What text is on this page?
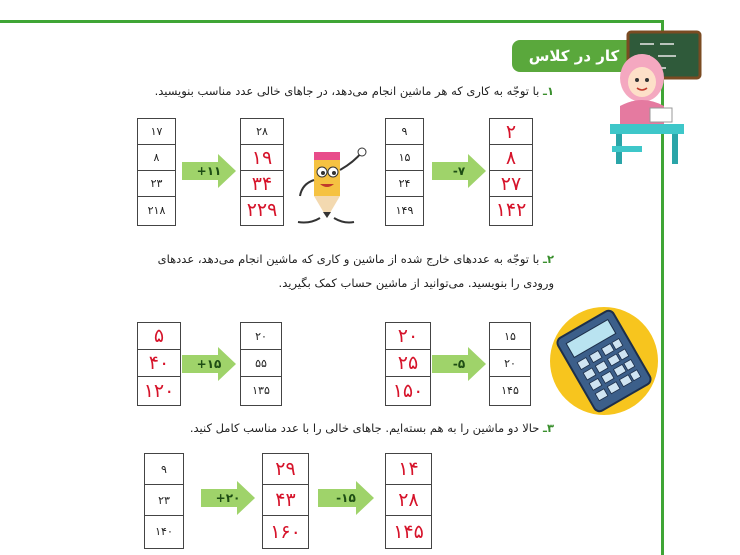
کار در کلاس
۱ـ با توجّه به کاری که هر ماشین انجام می‌دهد، در جاهای خالی عدد مناسب بنویسید.
۱۷
۸
۲۳
۲۱۸
+۱۱
۲۸
۱۹
۳۴
۲۲۹
۹
۱۵
۲۴
۱۴۹
-۷
۲
۸
۲۷
۱۴۲
۲ـ با توجّه به عددهای خارج شده از ماشین و کاری که ماشین انجام می‌دهد، عددهای
ورودی را بنویسید. می‌توانید از ماشین حساب کمک بگیرید.
۵
۴۰
۱۲۰
+۱۵
۲۰
۵۵
۱۳۵
۲۰
۲۵
۱۵۰
-۵
۱۵
۲۰
۱۴۵
۳ـ حالا دو ماشین را به هم بسته‌ایم. جاهای خالی را با عدد مناسب کامل کنید.
۹
۲۳
۱۴۰
+۲۰
۲۹
۴۳
۱۶۰
-۱۵
۱۴
۲۸
۱۴۵
